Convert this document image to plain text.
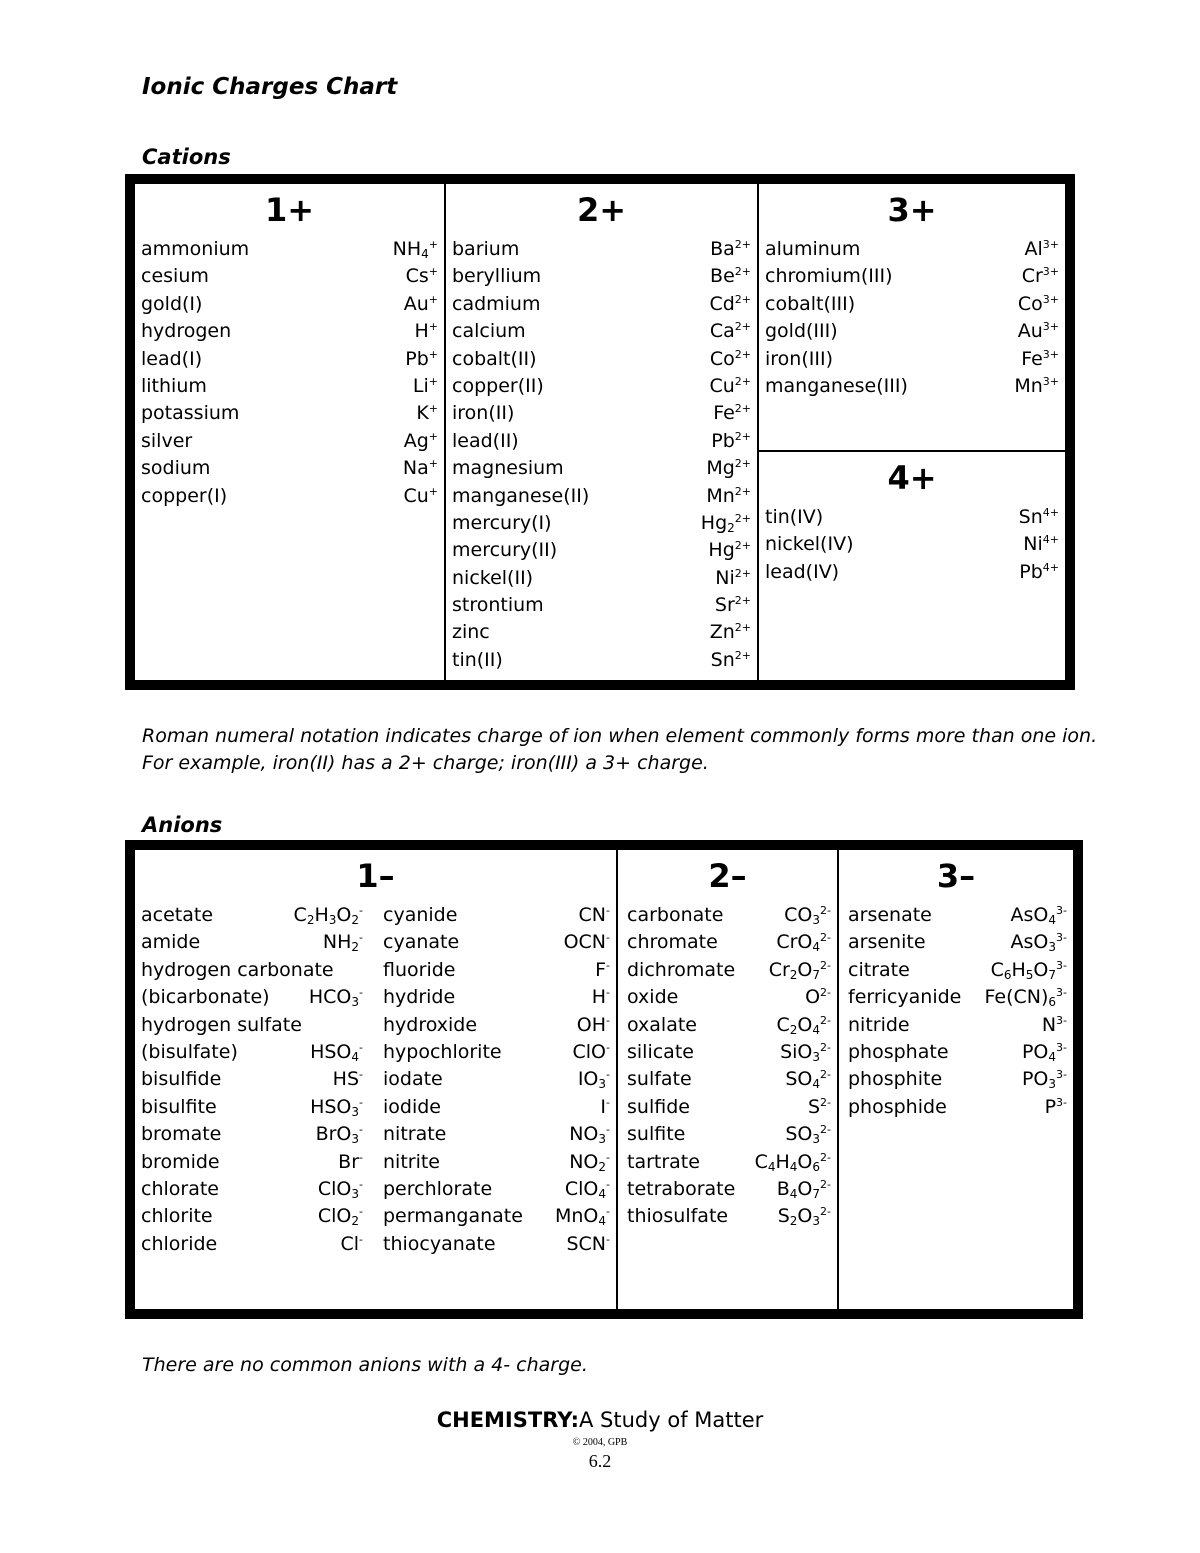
Ionic Charges Chart
Cations
1+
ammonium	$NH_4^+$
cesium	Cs+
gold(I)	Au+
hydrogen	H+
lead(I)	Pb+
lithium	Li+
potassium	K+
silver	Ag+
sodium	Na+
copper(I)	Cu+
2+
barium	$Ba^{2+}$
beryllium	$Be^{2+}$
cadmium	$Cd^{2+}$
calcium	$Ca^{2+}$
cobalt(II)	$Co^{2+}$
copper(II)	$Cu^{2+}$
iron(II)	$Fe^{2+}$
lead(II)	$Pb^{2+}$
magnesium	$Mg^{2+}$
manganese(II)	$Mn^{2+}$
mercury(I)	$Hg_2^{2+}$
mercury(II)	$Hg^{2+}$
nickel(II)	$Ni^{2+}$
strontium	$Sr^{2+}$
zinc	$Zn^{2+}$
tin(II)	$Sn^{2+}$
3+
aluminum	$Al^{3+}$
chromium(III)	$Cr^{3+}$
cobalt(III)	$Co^{3+}$
gold(III)	$Au^{3+}$
iron(III)	$Fe^{3+}$
manganese(III)	$Mn^{3+}$
4+
tin(IV)	$Sn^{4+}$
nickel(IV)	$Ni^{4+}$
lead(IV)	$Pb^{4+}$
Roman numeral notation indicates charge of ion when element commonly forms more than one ion.
For example, iron(II) has a 2+ charge; iron(III) a 3+ charge.
Anions
1–
acetate	$C_2H_3O_2^-$
amide	$NH_2^-$
hydrogen carbonate
(bicarbonate) $HCO_3^-$
hydrogen sulfate
(bisulfate)	$HSO_4^-$
bisulfide	HS-
bisulfite	$HSO_3^-$
bromate	BrO$_3$-
bromide	Br-
chlorate	ClO$_3$-
chlorite	ClO$_2$-
chloride	Cl-
cyanide	CN-
cyanate	OCN-
fluoride	F-
hydride	H-
hydroxide	OH-
hypochlorite	ClO-
iodate	$IO_3^-$
iodide	I-
nitrate	$NO_3^-$
nitrite	$NO_2^-$
perchlorate	ClO$_4$-
permanganate MnO$_4$-
thiocyanate	SCN-
2–
carbonate	$CO_3^{2-}$
chromate	CrO$_4^{2-}$
dichromate $Cr_2O_7^{2-}$
oxide	$O^{2-}$
oxalate	$C_2O_4^{2-}$
silicate	SiO$_3^{2-}$
sulfate	$SO_4^{2-}$
sulfide	$S^{2-}$
sulfite	$SO_3^{2-}$
tartrate	$C_4H_4O_6^{2-}$
tetraborate $B_4O_7^{2-}$
thiosulfate	$S_2O_3^{2-}$
3–
arsenate	AsO$_4^{3-}$
arsenite	AsO$_3^{3-}$
citrate	$C_6H_5O_7^{3-}$
ferricyanide $Fe(CN)_6^{3-}$
nitride	$N^{3-}$
phosphate	$PO_4^{3-}$
phosphite	$PO_3^{3-}$
phosphide	$P^{3-}$
There are no common anions with a 4- charge.
CHEMISTRY:A Study of Matter
© 2004, GPB
6.2
